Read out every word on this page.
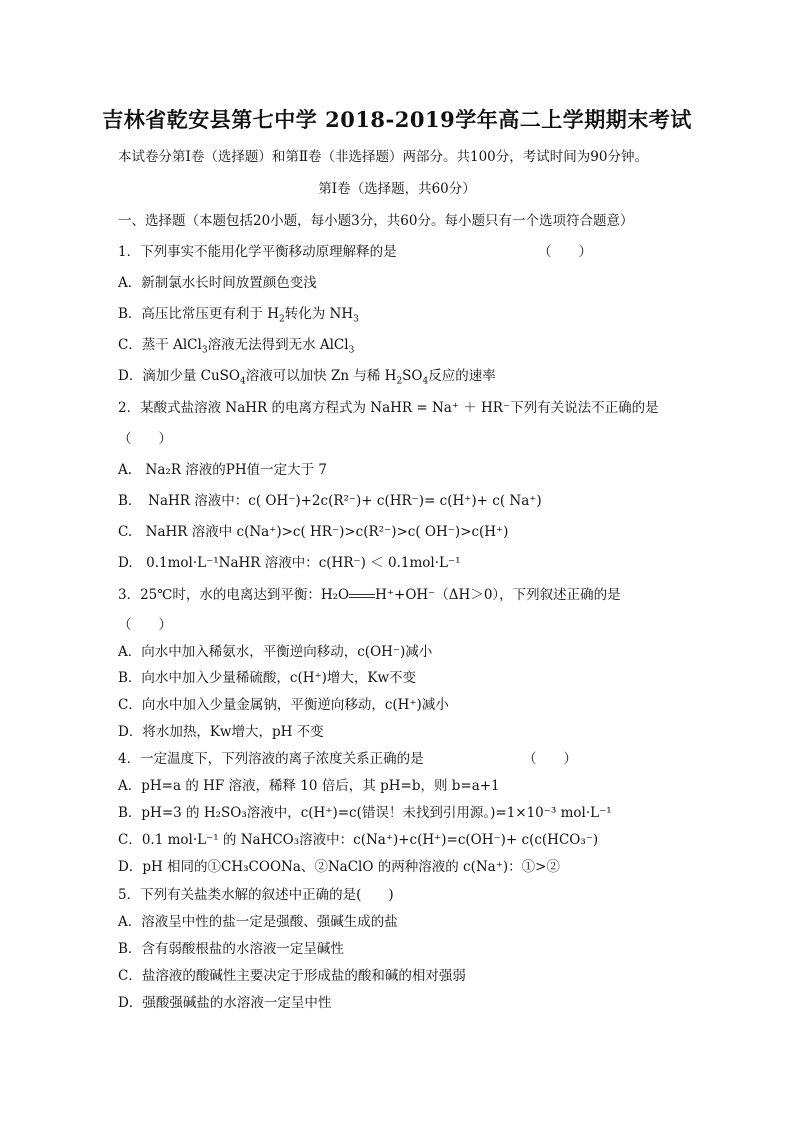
吉林省乾安县第七中学 2018-2019学年高二上学期期末考试
本试卷分第Ⅰ卷（选择题）和第Ⅱ卷（非选择题）两部分。共100分，考试时间为90分钟。
第Ⅰ卷（选择题，共60分）
一、选择题（本题包括20小题，每小题3分，共60分。每小题只有一个选项符合题意）
1．下列事实不能用化学平衡移动原理解释的是	（　　）
A．新制氯水长时间放置颜色变浅
B．高压比常压更有利于 $H_2$转化为 $NH_3$
C．蒸干 AlCl$_3$溶液无法得到无水 AlCl$_3$
D．滴加少量 CuSO$_4$溶液可以加快 Zn 与稀 $H_2SO_4$反应的速率
2．某酸式盐溶液 NaHR 的电离方程式为 NaHR = Na⁺ ＋ HR⁻下列有关说法不正确的是
（　　）
A.　Na₂R 溶液的PH值一定大于 7
B．　NaHR 溶液中：c( OH⁻)+2c(R²⁻)+ c(HR⁻)= c(H⁺)+ c( Na⁺)
C.　NaHR 溶液中 c(Na⁺)>c( HR⁻)>c(R²⁻)>c( OH⁻)>c(H⁺)
D.　0.1mol·L⁻¹NaHR 溶液中：c(HR⁻) ＜ 0.1mol·L⁻¹
3．25℃时，水的电离达到平衡：H₂O H⁺+OH⁻（ΔH＞0），下列叙述正确的是
（　　）
A．向水中加入稀氨水，平衡逆向移动，c(OH⁻)减小
B．向水中加入少量稀硫酸，c(H⁺)增大，Kw不变
C．向水中加入少量金属钠，平衡逆向移动，c(H⁺)减小
D．将水加热，Kw增大，pH 不变
4．一定温度下，下列溶液的离子浓度关系正确的是	（　　）
A．pH=a 的 HF 溶液，稀释 10 倍后，其 pH=b，则 b=a+1
B．pH=3 的 H₂SO₃溶液中，c(H⁺)=c(错误！未找到引用源。)=1×10⁻³ mol·L⁻¹
C．0.1 mol·L⁻¹ 的 NaHCO₃溶液中：c(Na⁺)+c(H⁺)=c(OH⁻)+ c(c(HCO₃⁻)
D．pH 相同的①CH₃COONa、②NaClO 的两种溶液的 c(Na⁺)：①>②
5．下列有关盐类水解的叙述中正确的是(　　)
A．溶液呈中性的盐一定是强酸、强碱生成的盐
B．含有弱酸根盐的水溶液一定呈碱性
C．盐溶液的酸碱性主要决定于形成盐的酸和碱的相对强弱
D．强酸强碱盐的水溶液一定呈中性
